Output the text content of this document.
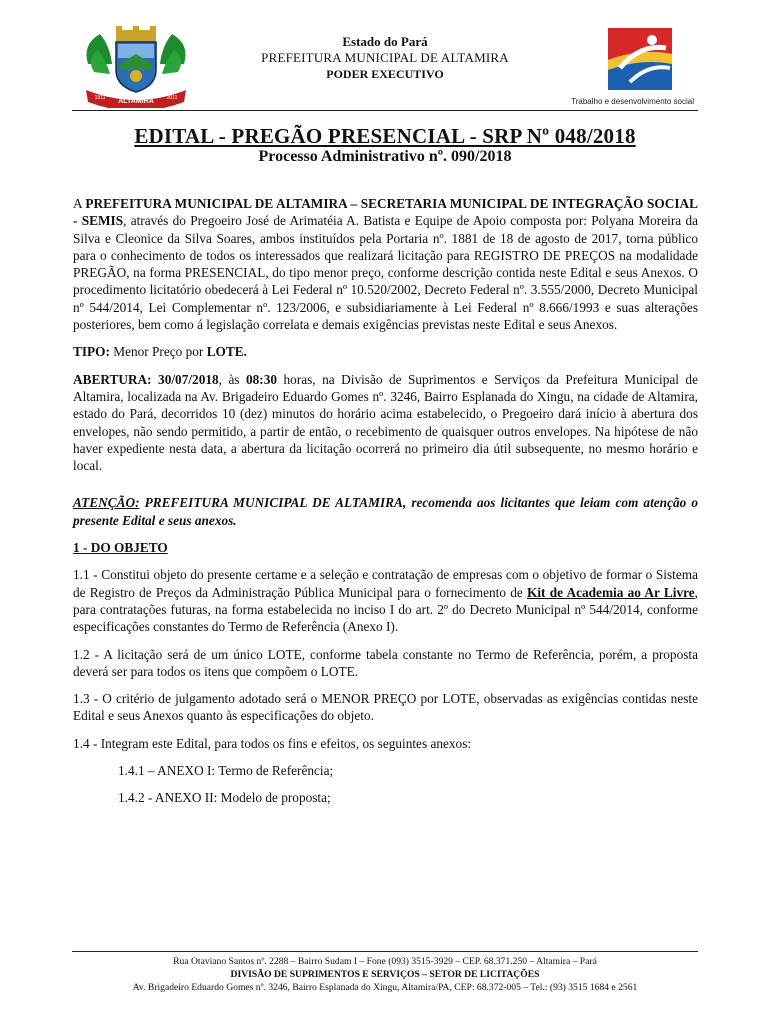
ALTAMIRA
1911	2011
Estado do Pará
PREFEITURA MUNICIPAL DE ALTAMIRA
PODER EXECUTIVO
Trabalho e desenvolvimento social
EDITAL - PREGÃO PRESENCIAL - SRP Nº 048/2018
Processo Administrativo nº. 090/2018

A PREFEITURA MUNICIPAL DE ALTAMIRA – SECRETARIA MUNICIPAL DE INTEGRAÇÃO SOCIAL - SEMIS, através do Pregoeiro José de Arimatéia A. Batista e Equipe de Apoio composta por: Polyana Moreira da Silva e Cleonice da Silva Soares, ambos instituídos pela Portaria nº. 1881 de 18 de agosto de 2017, torna público para o conhecimento de todos os interessados que realizará licitação para REGISTRO DE PREÇOS na modalidade PREGÃO, na forma PRESENCIAL, do tipo menor preço, conforme descrição contida neste Edital e seus Anexos. O procedimento licitatório obedecerá à Lei Federal nº 10.520/2002, Decreto Federal nº. 3.555/2000, Decreto Municipal nº 544/2014, Lei Complementar nº. 123/2006, e subsidiariamente à Lei Federal nº 8.666/1993 e suas alterações posteriores, bem como á legislação correlata e demais exigências previstas neste Edital e seus Anexos.

TIPO: Menor Preço por LOTE.

ABERTURA: 30/07/2018, às 08:30 horas, na Divisão de Suprimentos e Serviços da Prefeitura Municipal de Altamira, localizada na Av. Brigadeiro Eduardo Gomes nº. 3246, Bairro Esplanada do Xingu, na cidade de Altamira, estado do Pará, decorridos 10 (dez) minutos do horário acima estabelecido, o Pregoeiro dará início à abertura dos envelopes, não sendo permitido, a partir de então, o recebimento de quaisquer outros envelopes. Na hipótese de não haver expediente nesta data, a abertura da licitação ocorrerá no primeiro dia útil subsequente, no mesmo horário e local.

ATENÇÃO: PREFEITURA MUNICIPAL DE ALTAMIRA, recomenda aos licitantes que leiam com atenção o presente Edital e seus anexos.

1 - DO OBJETO

1.1 - Constitui objeto do presente certame e a seleção e contratação de empresas com o objetivo de formar o Sistema de Registro de Preços da Administração Pública Municipal para o fornecimento de Kit de Academia ao Ar Livre, para contratações futuras, na forma estabelecida no inciso I do art. 2º do Decreto Municipal nº 544/2014, conforme especificações constantes do Termo de Referência (Anexo I).

1.2 - A licitação será de um único LOTE, conforme tabela constante no Termo de Referência, porém, a proposta deverá ser para todos os itens que compõem o LOTE.

1.3 - O critério de julgamento adotado será o MENOR PREÇO por LOTE, observadas as exigências contidas neste Edital e seus Anexos quanto às especificações do objeto.

1.4 - Integram este Edital, para todos os fins e efeitos, os seguintes anexos:

1.4.1 – ANEXO I: Termo de Referência;

1.4.2 - ANEXO II: Modelo de proposta;

Rua Otaviano Santos nº. 2288 – Bairro Sudam I – Fone (093) 3515-3929 – CEP. 68.371.250 – Altamira – Pará
DIVISÃO DE SUPRIMENTOS E SERVIÇOS – SETOR DE LICITAÇÕES
Av. Brigadeiro Eduardo Gomes nº. 3246, Bairro Esplanada do Xingu, Altamira/PA, CEP: 68.372-005 – Tel.: (93) 3515 1684 e 2561
